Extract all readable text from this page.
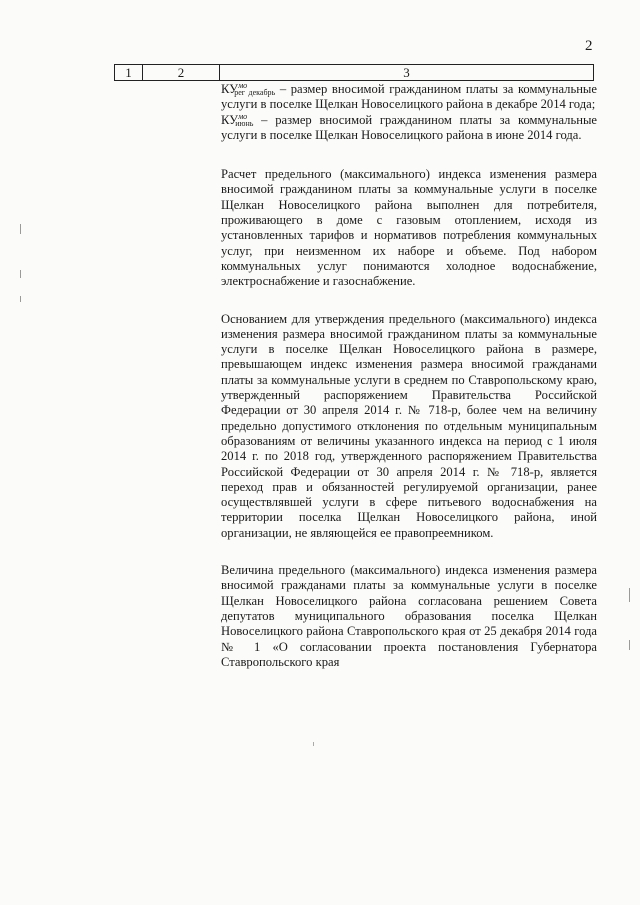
2
1	2	3

$КУ^{мо}_{рег декабрь}$ – размер вносимой гражданином платы за коммунальные услуги в поселке Щелкан Новоселицкого района в декабре 2014 года;

$КУ^{мо}_{июнь}$ – размер вносимой гражданином платы за коммунальные услуги в поселке Щелкан Новоселицкого района в июне 2014 года.

Расчет предельного (максимального) индекса изменения размера вносимой гражданином платы за коммунальные услуги в поселке Щелкан Новоселицкого района выполнен для потребителя, проживающего в доме с газовым отоплением, исходя из установленных тарифов и нормативов потребления коммунальных услуг, при неизменном их наборе и объеме. Под набором коммунальных услуг понимаются холодное водоснабжение, электроснабжение и газоснабжение.

Основанием для утверждения предельного (максимального) индекса изменения размера вносимой гражданином платы за коммунальные услуги в поселке Щелкан Новоселицкого района в размере, превышающем индекс изменения размера вносимой гражданами платы за коммунальные услуги в среднем по Ставропольскому краю, утвержденный распоряжением Правительства Российской Федерации от 30 апреля 2014 г. № 718-р, более чем на величину предельно допустимого отклонения по отдельным муниципальным образованиям от величины указанного индекса на период с 1 июля 2014 г. по 2018 год, утвержденного распоряжением Правительства Российской Федерации от 30 апреля 2014 г. № 718-р, является переход прав и обязанностей регулируемой организации, ранее осуществлявшей услуги в сфере питьевого водоснабжения на территории поселка Щелкан Новоселицкого района, иной организации, не являющейся ее правопреемником.

Величина предельного (максимального) индекса изменения размера вносимой гражданами платы за коммунальные услуги в поселке Щелкан Новоселицкого района согласована решением Совета депутатов муниципального образования поселка Щелкан Новоселицкого района Ставропольского края от 25 декабря 2014 года № 1 «О согласовании проекта постановления Губернатора Ставропольского края
